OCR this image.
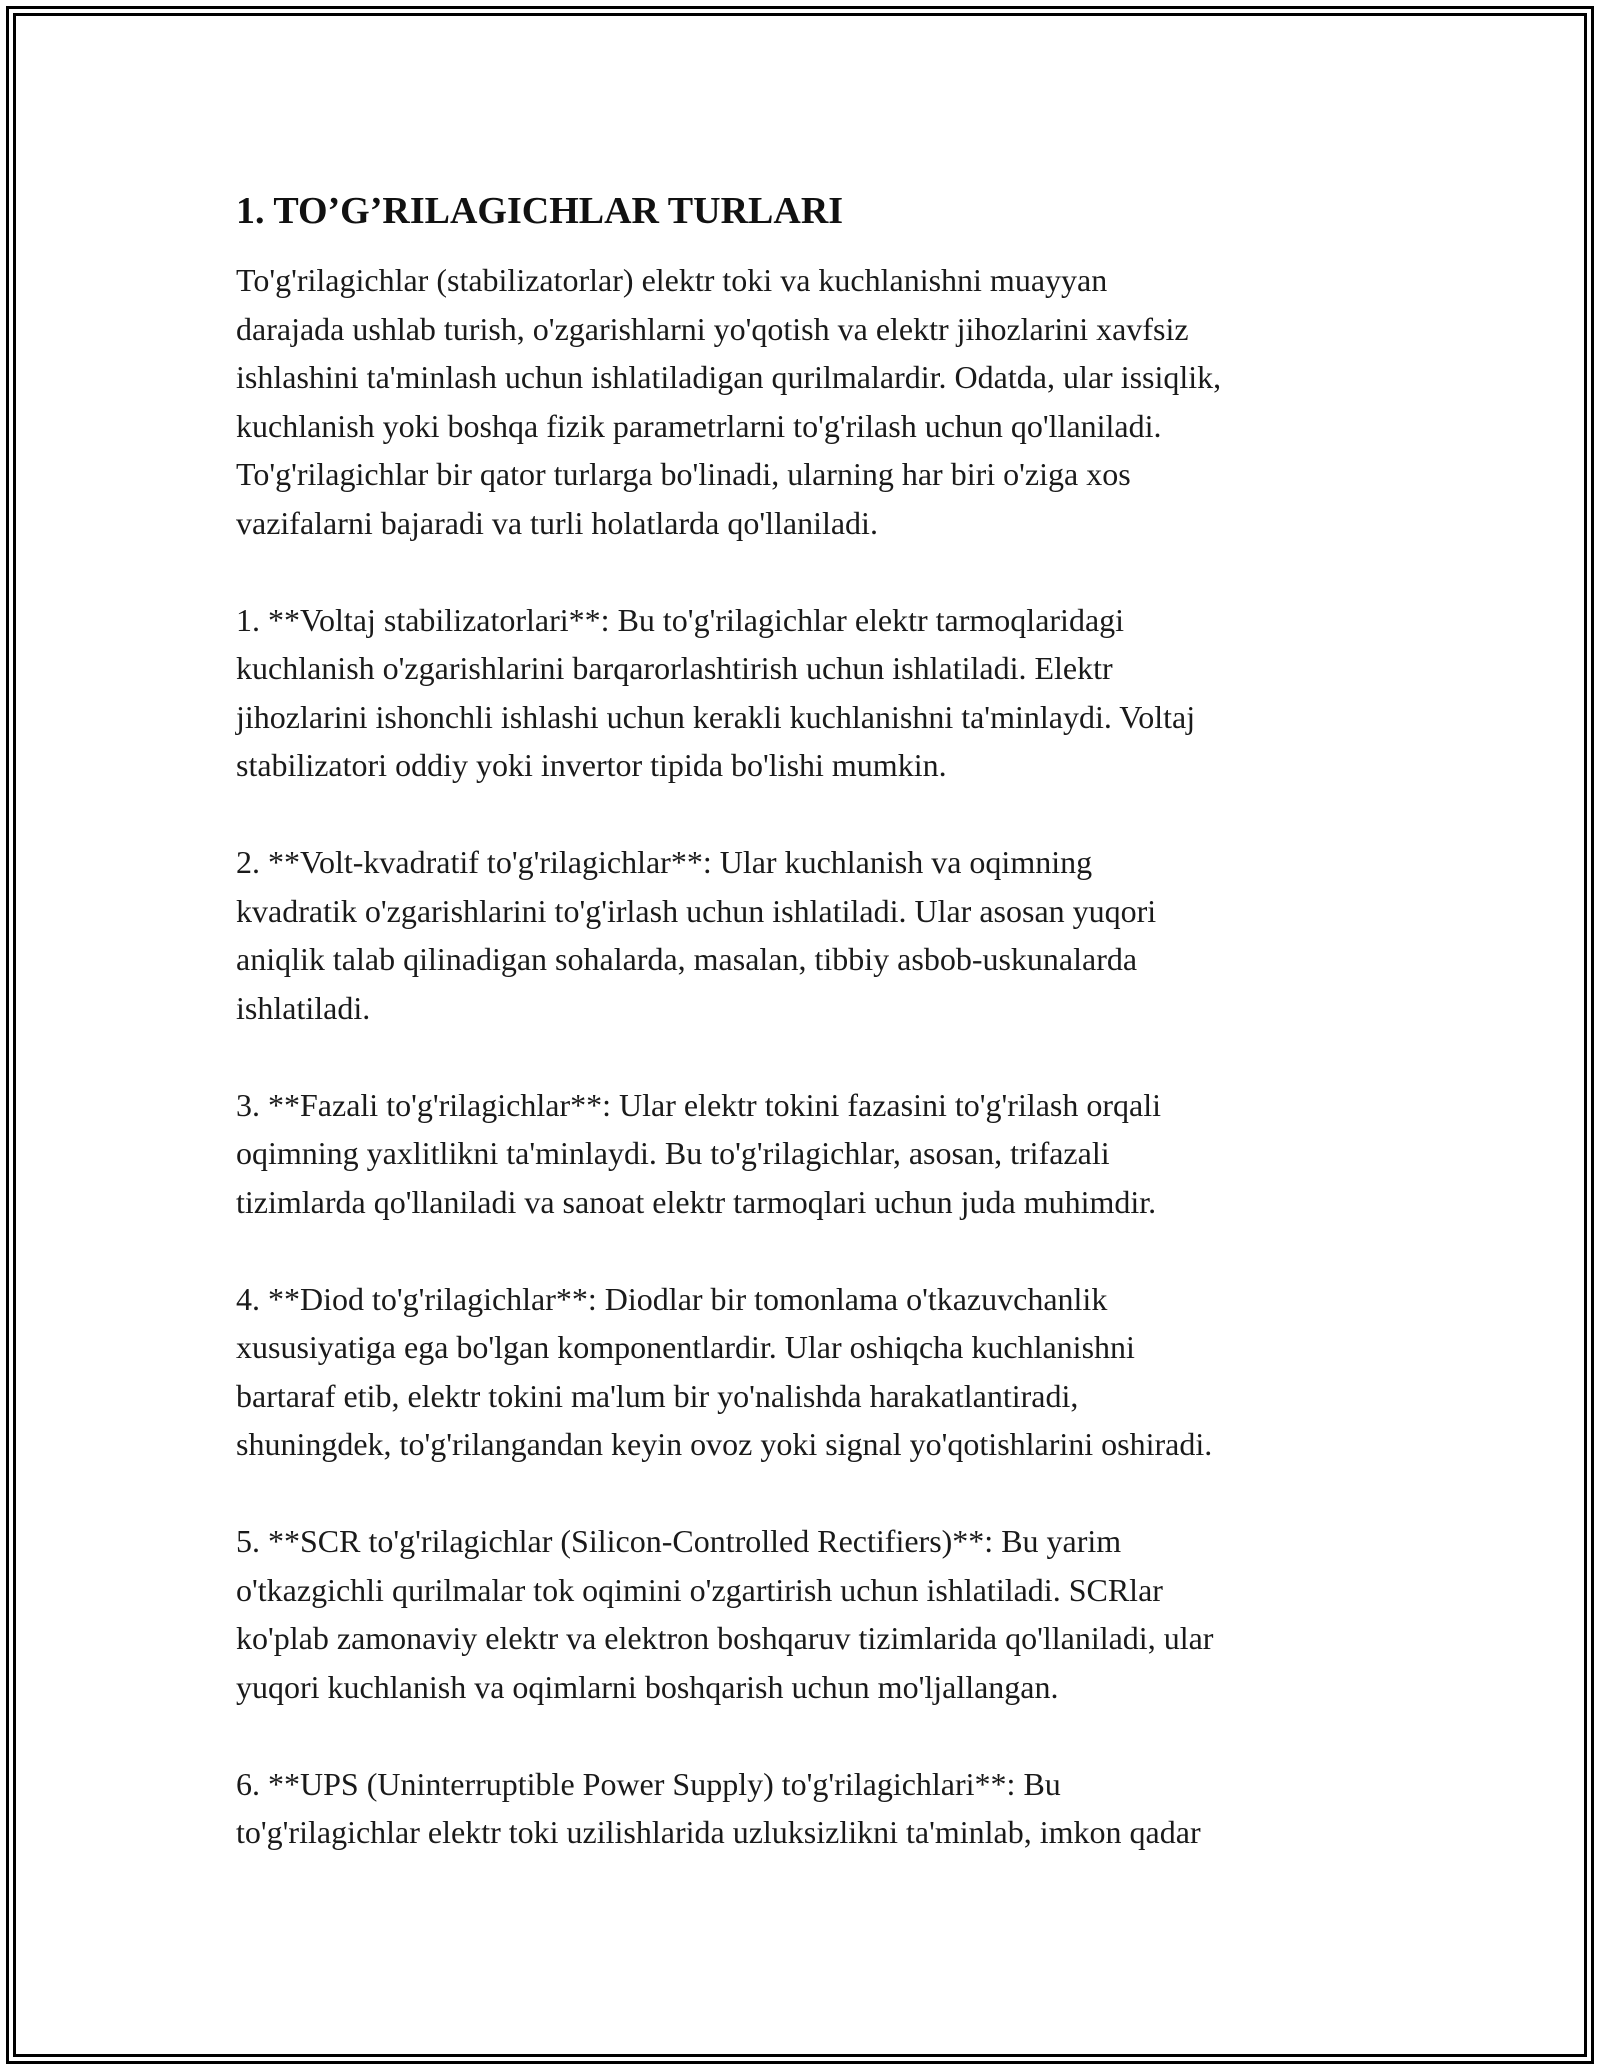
1. TO’G’RILAGICHLAR TURLARI
To'g'rilagichlar (stabilizatorlar) elektr toki va kuchlanishni muayyan
darajada ushlab turish, o'zgarishlarni yo'qotish va elektr jihozlarini xavfsiz
ishlashini ta'minlash uchun ishlatiladigan qurilmalardir. Odatda, ular issiqlik,
kuchlanish yoki boshqa fizik parametrlarni to'g'rilash uchun qo'llaniladi.
To'g'rilagichlar bir qator turlarga bo'linadi, ularning har biri o'ziga xos
vazifalarni bajaradi va turli holatlarda qo'llaniladi.
1. **Voltaj stabilizatorlari**: Bu to'g'rilagichlar elektr tarmoqlaridagi
kuchlanish o'zgarishlarini barqarorlashtirish uchun ishlatiladi. Elektr
jihozlarini ishonchli ishlashi uchun kerakli kuchlanishni ta'minlaydi. Voltaj
stabilizatori oddiy yoki invertor tipida bo'lishi mumkin.
2. **Volt-kvadratif to'g'rilagichlar**: Ular kuchlanish va oqimning
kvadratik o'zgarishlarini to'g'irlash uchun ishlatiladi. Ular asosan yuqori
aniqlik talab qilinadigan sohalarda, masalan, tibbiy asbob-uskunalarda
ishlatiladi.
3. **Fazali to'g'rilagichlar**: Ular elektr tokini fazasini to'g'rilash orqali
oqimning yaxlitlikni ta'minlaydi. Bu to'g'rilagichlar, asosan, trifazali
tizimlarda qo'llaniladi va sanoat elektr tarmoqlari uchun juda muhimdir.
4. **Diod to'g'rilagichlar**: Diodlar bir tomonlama o'tkazuvchanlik
xususiyatiga ega bo'lgan komponentlardir. Ular oshiqcha kuchlanishni
bartaraf etib, elektr tokini ma'lum bir yo'nalishda harakatlantiradi,
shuningdek, to'g'rilangandan keyin ovoz yoki signal yo'qotishlarini oshiradi.
5. **SCR to'g'rilagichlar (Silicon-Controlled Rectifiers)**: Bu yarim
o'tkazgichli qurilmalar tok oqimini o'zgartirish uchun ishlatiladi. SCRlar
ko'plab zamonaviy elektr va elektron boshqaruv tizimlarida qo'llaniladi, ular
yuqori kuchlanish va oqimlarni boshqarish uchun mo'ljallangan.
6. **UPS (Uninterruptible Power Supply) to'g'rilagichlari**: Bu
to'g'rilagichlar elektr toki uzilishlarida uzluksizlikni ta'minlab, imkon qadar
